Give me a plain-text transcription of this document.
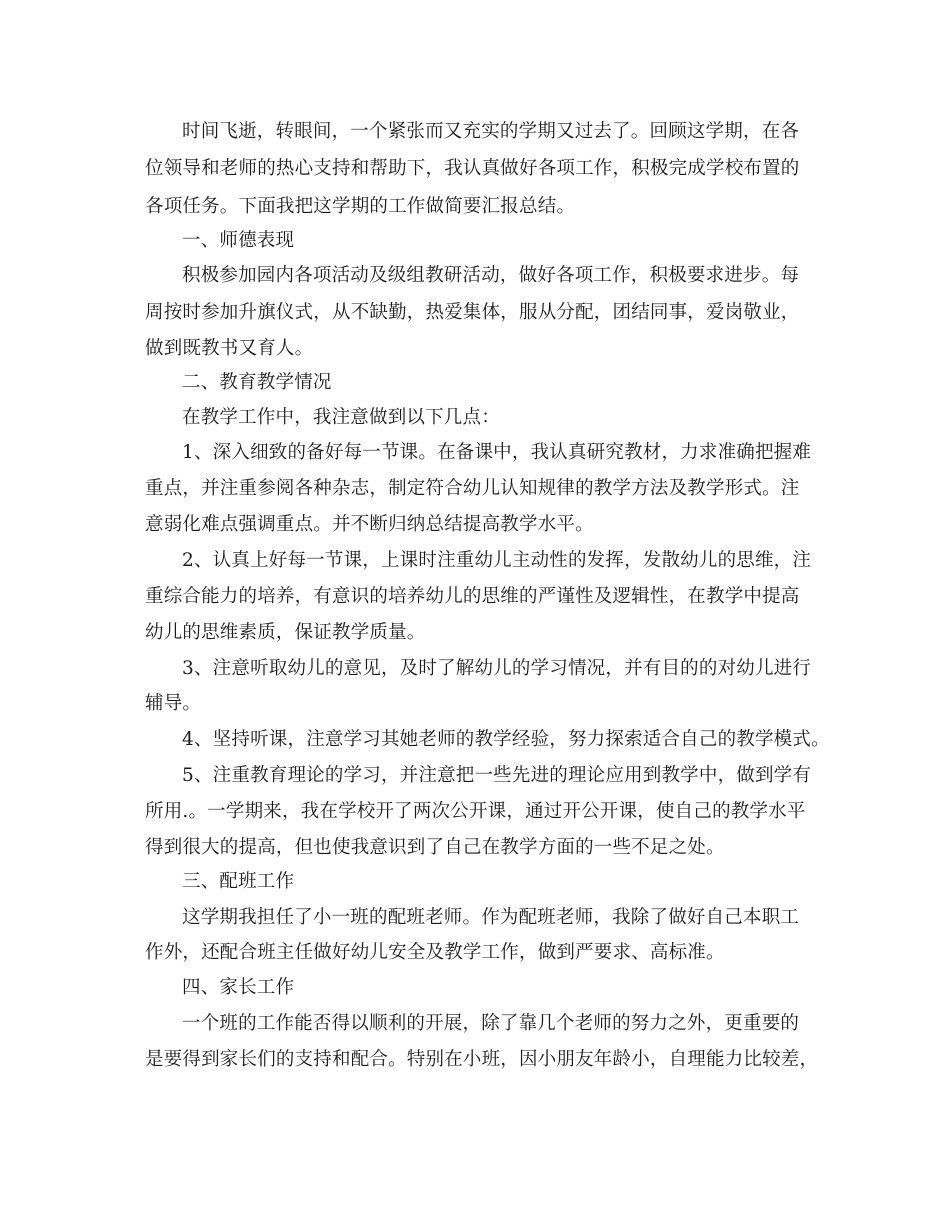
时间飞逝，转眼间，一个紧张而又充实的学期又过去了。回顾这学期，在各
位领导和老师的热心支持和帮助下，我认真做好各项工作，积极完成学校布置的
各项任务。下面我把这学期的工作做简要汇报总结。
一、师德表现
积极参加园内各项活动及级组教研活动，做好各项工作，积极要求进步。每
周按时参加升旗仪式，从不缺勤，热爱集体，服从分配，团结同事，爱岗敬业，
做到既教书又育人。
二、教育教学情况
在教学工作中，我注意做到以下几点：
1、深入细致的备好每一节课。在备课中，我认真研究教材，力求准确把握难
重点，并注重参阅各种杂志，制定符合幼儿认知规律的教学方法及教学形式。注
意弱化难点强调重点。并不断归纳总结提高教学水平。
2、认真上好每一节课，上课时注重幼儿主动性的发挥，发散幼儿的思维，注
重综合能力的培养，有意识的培养幼儿的思维的严谨性及逻辑性，在教学中提高
幼儿的思维素质，保证教学质量。
3、注意听取幼儿的意见，及时了解幼儿的学习情况，并有目的的对幼儿进行
辅导。
4、坚持听课，注意学习其她老师的教学经验，努力探索适合自己的教学模式。
5、注重教育理论的学习，并注意把一些先进的理论应用到教学中，做到学有
所用.。一学期来，我在学校开了两次公开课，通过开公开课，使自己的教学水平
得到很大的提高，但也使我意识到了自己在教学方面的一些不足之处。
三、配班工作
这学期我担任了小一班的配班老师。作为配班老师，我除了做好自己本职工
作外，还配合班主任做好幼儿安全及教学工作，做到严要求、高标准。
四、家长工作
一个班的工作能否得以顺利的开展，除了靠几个老师的努力之外，更重要的
是要得到家长们的支持和配合。特别在小班，因小朋友年龄小，自理能力比较差，
